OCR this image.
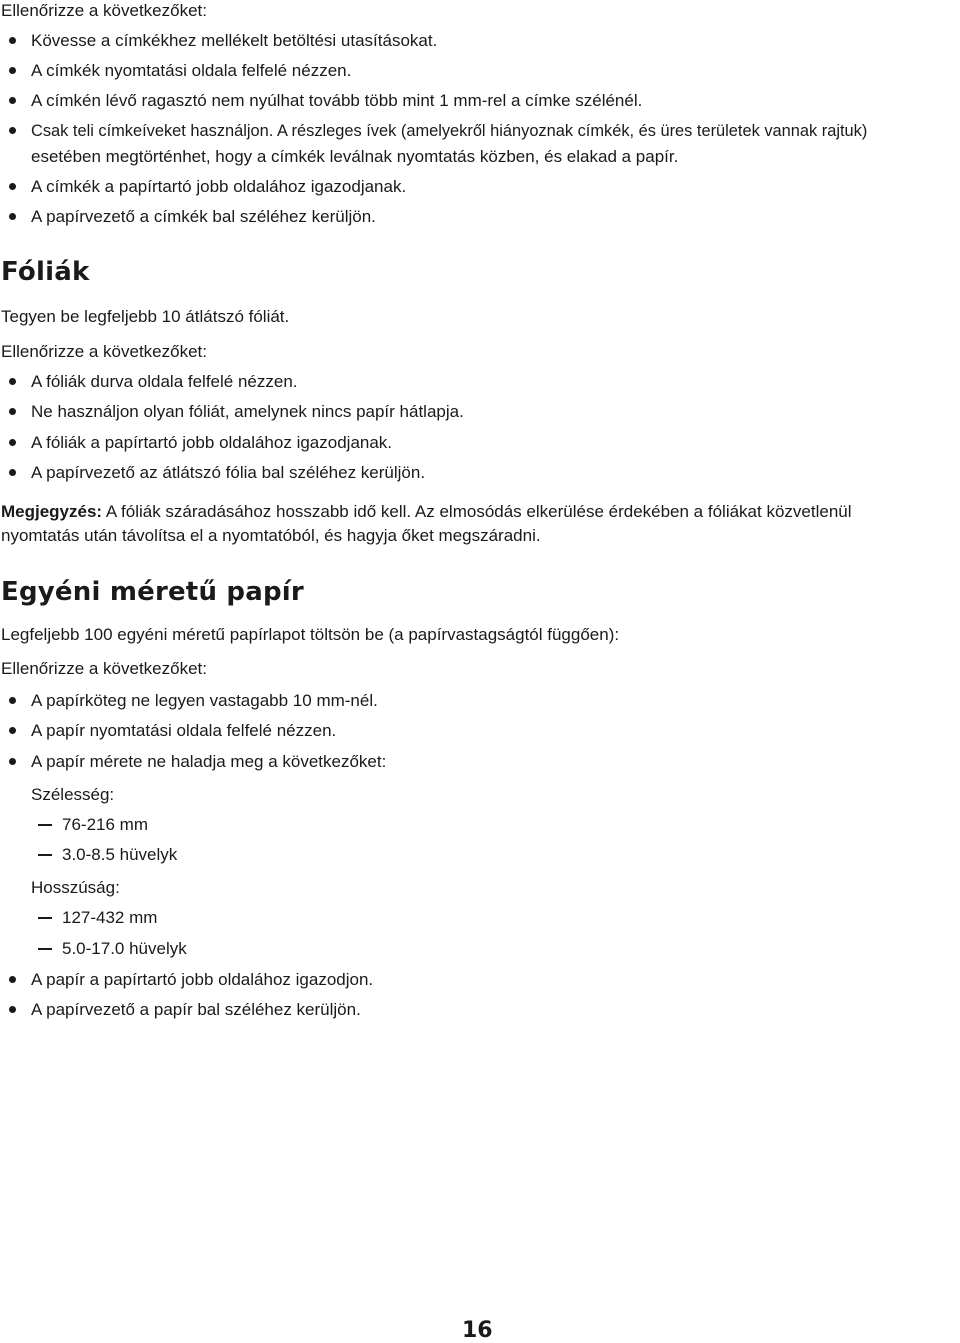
Ellenőrizze a következőket:
Kövesse a címkékhez mellékelt betöltési utasításokat.
A címkék nyomtatási oldala felfelé nézzen.
A címkén lévő ragasztó nem nyúlhat tovább több mint 1 mm-rel a címke szélénél.
Csak teli címkeíveket használjon. A részleges ívek (amelyekről hiányoznak címkék, és üres területek vannak rajtuk)
esetében megtörténhet, hogy a címkék leválnak nyomtatás közben, és elakad a papír.
A címkék a papírtartó jobb oldalához igazodjanak.
A papírvezető a címkék bal széléhez kerüljön.
Fóliák
Tegyen be legfeljebb 10 átlátszó fóliát.
Ellenőrizze a következőket:
A fóliák durva oldala felfelé nézzen.
Ne használjon olyan fóliát, amelynek nincs papír hátlapja.
A fóliák a papírtartó jobb oldalához igazodjanak.
A papírvezető az átlátszó fólia bal széléhez kerüljön.
Megjegyzés: A fóliák száradásához hosszabb idő kell. Az elmosódás elkerülése érdekében a fóliákat közvetlenül
nyomtatás után távolítsa el a nyomtatóból, és hagyja őket megszáradni.
Egyéni méretű papír
Legfeljebb 100 egyéni méretű papírlapot töltsön be (a papírvastagságtól függően):
Ellenőrizze a következőket:
A papírköteg ne legyen vastagabb 10 mm-nél.
A papír nyomtatási oldala felfelé nézzen.
A papír mérete ne haladja meg a következőket:
Szélesség:
76-216 mm
3.0-8.5 hüvelyk
Hosszúság:
127-432 mm
5.0-17.0 hüvelyk
A papír a papírtartó jobb oldalához igazodjon.
A papírvezető a papír bal széléhez kerüljön.
16
